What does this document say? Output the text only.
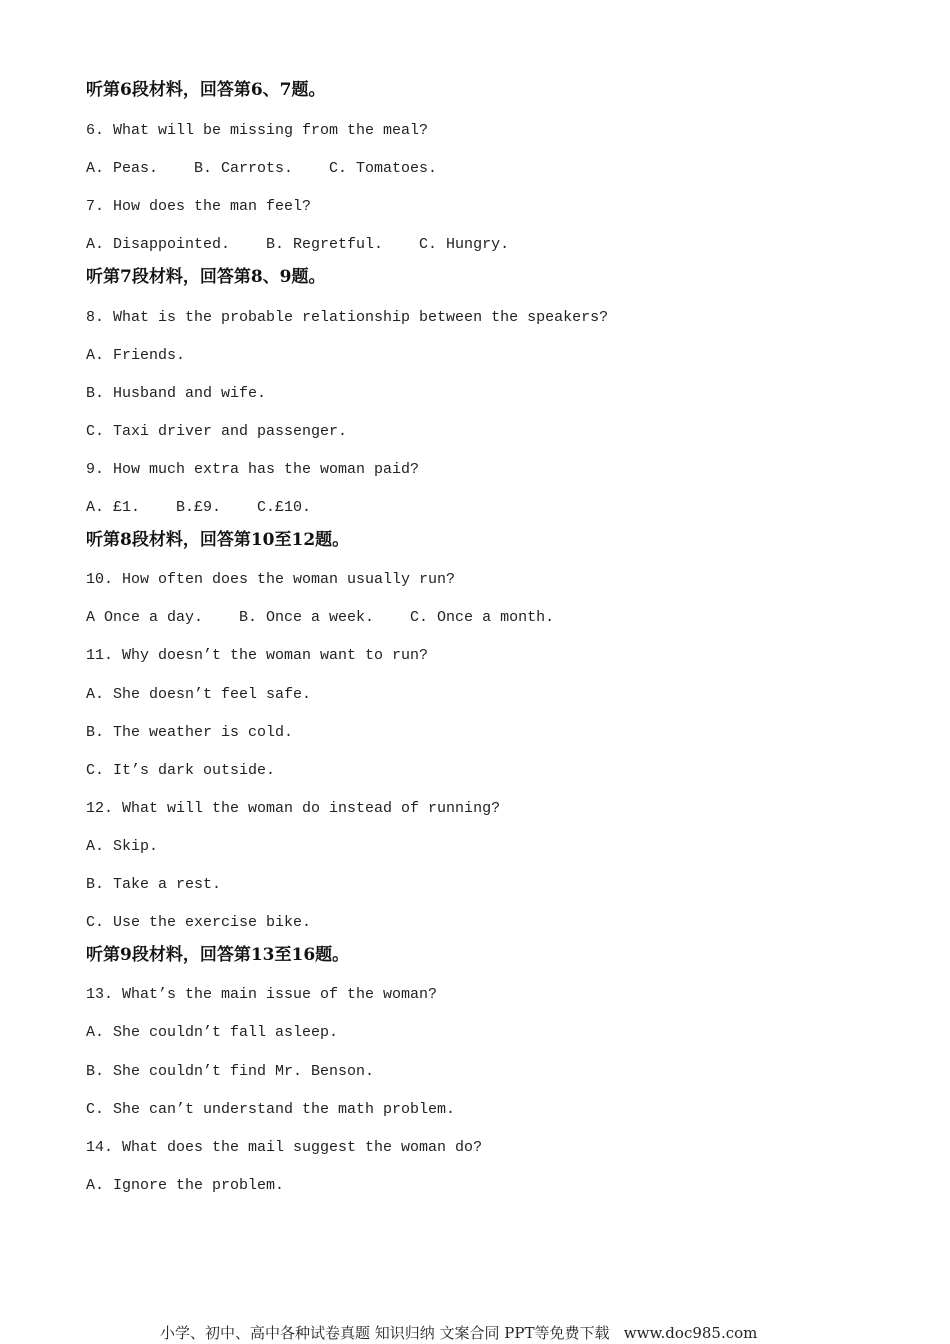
听第6段材料，回答第6、7题。
6. What will be missing from the meal?
A. Peas.    B. Carrots.    C. Tomatoes.
7. How does the man feel?
A. Disappointed.    B. Regretful.    C. Hungry.
听第7段材料，回答第8、9题。
8. What is the probable relationship between the speakers?
A. Friends.
B. Husband and wife.
C. Taxi driver and passenger.
9. How much extra has the woman paid?
A. £1.    B.£9.    C.£10.
听第8段材料，回答第10至12题。
10. How often does the woman usually run?
A Once a day.    B. Once a week.    C. Once a month.
11. Why doesn’t the woman want to run?
A. She doesn’t feel safe.
B. The weather is cold.
C. It’s dark outside.
12. What will the woman do instead of running?
A. Skip.
B. Take a rest.
C. Use the exercise bike.
听第9段材料，回答第13至16题。
13. What’s the main issue of the woman?
A. She couldn’t fall asleep.
B. She couldn’t find Mr. Benson.
C. She can’t understand the math problem.
14. What does the mail suggest the woman do?
A. Ignore the problem.
小学、初中、高中各种试卷真题 知识归纳 文案合同 PPT等免费下载   www.doc985.com
